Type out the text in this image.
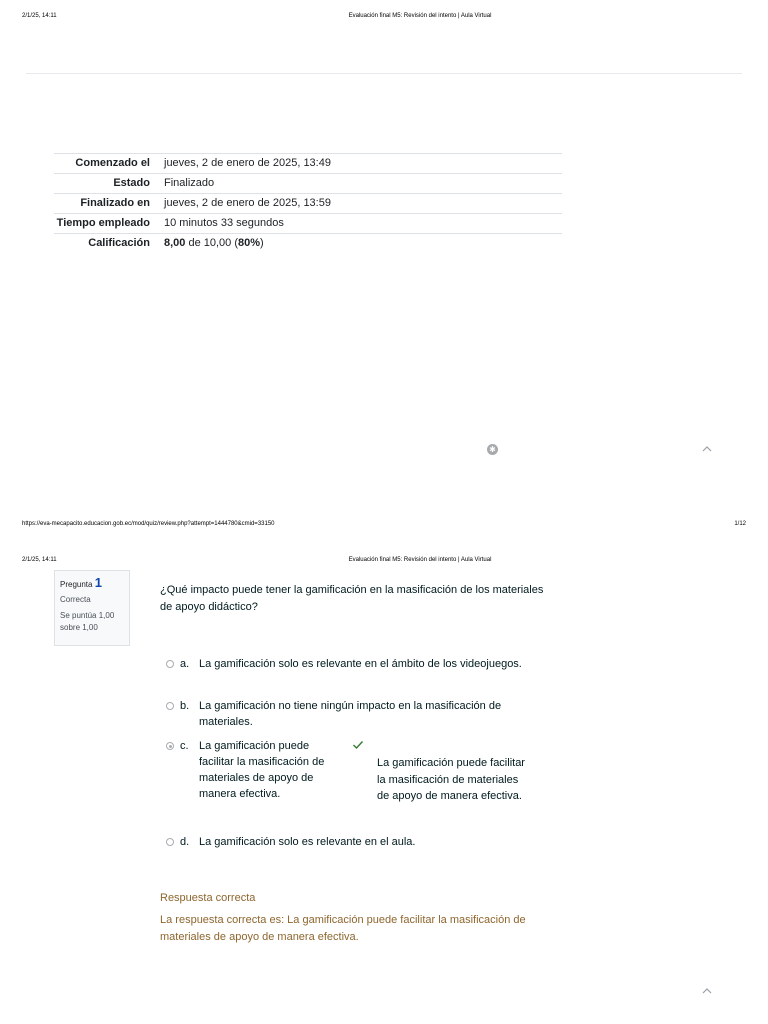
2/1/25, 14:11	Evaluación final M5: Revisión del intento | Aula Virtual
Comenzado el	jueves, 2 de enero de 2025, 13:49
Estado	Finalizado
Finalizado en	jueves, 2 de enero de 2025, 13:59
Tiempo empleado	10 minutos 33 segundos
Calificación	8,00 de 10,00 (80%)
✱
https://eva-mecapacito.educacion.gob.ec/mod/quiz/review.php?attempt=1444780&cmid=33150	1/12
2/1/25, 14:11	Evaluación final M5: Revisión del intento | Aula Virtual
Pregunta 1
Correcta
Se puntúa 1,00 sobre 1,00
¿Qué impacto puede tener la gamificación en la masificación de los materiales de apoyo didáctico?
a. La gamificación solo es relevante en el ámbito de los videojuegos.
b. La gamificación no tiene ningún impacto en la masificación de materiales.
c. La gamificación puede facilitar la masificación de materiales de apoyo de manera efectiva.
La gamificación puede facilitar la masificación de materiales de apoyo de manera efectiva.
d. La gamificación solo es relevante en el aula.
Respuesta correcta
La respuesta correcta es: La gamificación puede facilitar la masificación de materiales de apoyo de manera efectiva.
